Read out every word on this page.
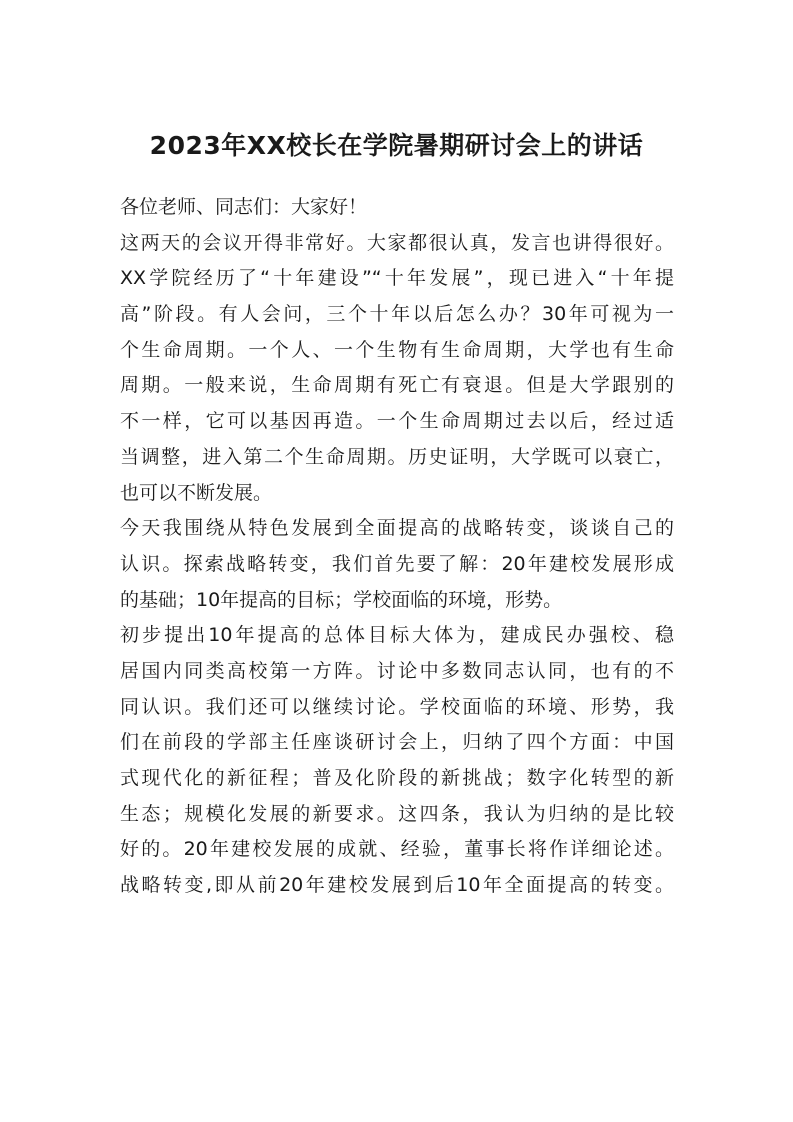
2023年XX校长在学院暑期研讨会上的讲话
各位老师、同志们：大家好！
这两天的会议开得非常好。大家都很认真，发言也讲得很好。
XX学院经历了“十年建设”“十年发展”，现已进入“十年提
高”阶段。有人会问，三个十年以后怎么办？30年可视为一
个生命周期。一个人、一个生物有生命周期，大学也有生命
周期。一般来说，生命周期有死亡有衰退。但是大学跟别的
不一样，它可以基因再造。一个生命周期过去以后，经过适
当调整，进入第二个生命周期。历史证明，大学既可以衰亡，
也可以不断发展。
今天我围绕从特色发展到全面提高的战略转变，谈谈自己的
认识。探索战略转变，我们首先要了解：20年建校发展形成
的基础；10年提高的目标；学校面临的环境，形势。
初步提出10年提高的总体目标大体为，建成民办强校、稳
居国内同类高校第一方阵。讨论中多数同志认同，也有的不
同认识。我们还可以继续讨论。学校面临的环境、形势，我
们在前段的学部主任座谈研讨会上，归纳了四个方面：中国
式现代化的新征程；普及化阶段的新挑战；数字化转型的新
生态；规模化发展的新要求。这四条，我认为归纳的是比较
好的。20年建校发展的成就、经验，董事长将作详细论述。
战略转变,即从前20年建校发展到后10年全面提高的转变。
